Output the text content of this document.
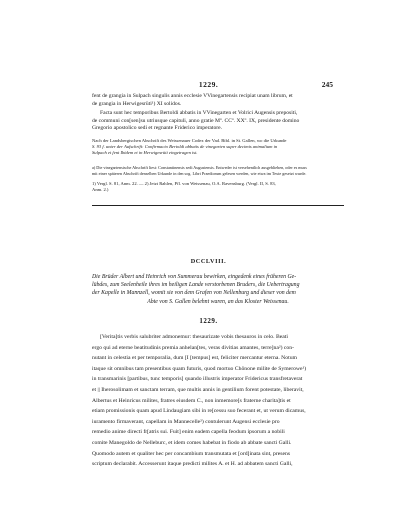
1229.	245
fent de grangia in Sulpach singulis annis ecclesie VVinegartensis recipiat unam librum, et
de grangia in Herwigesrüti¹) XI solidos.
Facta sunt hec temporibus Bertoldi abbatis in VVinegarten et Volrici Augensis prepositi,
de communi con[sen]su utriusque capituli, anno gratie Mº. CCº. XXº. IX, presidente domino
Gregorio apostolico sedi et regnante Friderico imperatore.
Nach der Landsbergischen Abschrift des Weissenauer Codex der Vad. Bibl. in St. Gallen, wo die Urkunde
S. 93 f. unter der Aufschrift: Confirmacio Bertoldi abbatis de vinegarten super decimis animalium in
Sulpach et fent Ibidem et in Herwigesrüti eingetragen ist.
a) Die vinegartensische Abschrift liest: Constantinensis sedi Augustensis. Entweder ist versehentlich ausgeblieben, oder es muss
mit einer späteren Abschrift denselben Urkunde in den sog. Libri Praediorum gelesen werden, wie etwa im Texte gesetzt wurde.
1) Vergl. S. 81, Anm. 22. — 2) Jetzt Rahlen, Pfl. von Weissenau, O.A. Ravensburg. (Vergl. II, S. 83,
Anm. 2.)
DCCLVIII.
Die Brüder Albert und Heinrich von Summerau bewirken, eingedenk eines früheren Ge-
lübdes, zum Seelenheile ihres im heiligen Lande verstorbenen Bruders, die Uebertragung
der Kapelle in Mannzell, womit sie von dem Grafen von Nellenburg und dieser von dem
Abte von S. Gallen belehnt waren, an das Kloster Weissenau.
1229.
[Verita]tis verbis salubriter admonemur: thesaurizate vobis thesauros in celo. Beati
ergo qui ad eterne beatitudinis premia anhelan[tes, veras divitias amantes, terre]na²) con-
nutant in celestia et per temporalia, dum [I [tempus] est, feliciter mercantur eterna. Notum
itaque sit omnibus tam presentibus quam futuris, quod mortuo Chônone milite de Symerowe¹)
in transmarinis [partibus, tunc temporis] quando illustris imperator Fridericus transfretaverat
et || Iherosolimam et sanctam terram, que multis annis in gentilium forent potestate, liberavit,
Albertus et Heinricus milites, fratres eiusdem C., non inmemore[s fraterne charita]tis et
etiam promissionis quam apud Lindaugiam sibi in re[cessu suo fecerant et, ut verum dicamus,
iuramento firmaverant, capellam in Mannecelle²) contulerunt Augensi ecclesie pro
remedio anime directi fr[atris sui. Fuit] enim eadem capella feodum ipsorum a nobili
comite Manegoldo de Nelleburc, et idem comes habebat in fiodo ab abbate sancti Galli.
Quomodo autem et qualiter hec per concambium transmutata et [ord]inata sint, presens
scriptum declarabit. Accesserunt itaque predicti milites A. et H. ad abbatem sancti Galli,
